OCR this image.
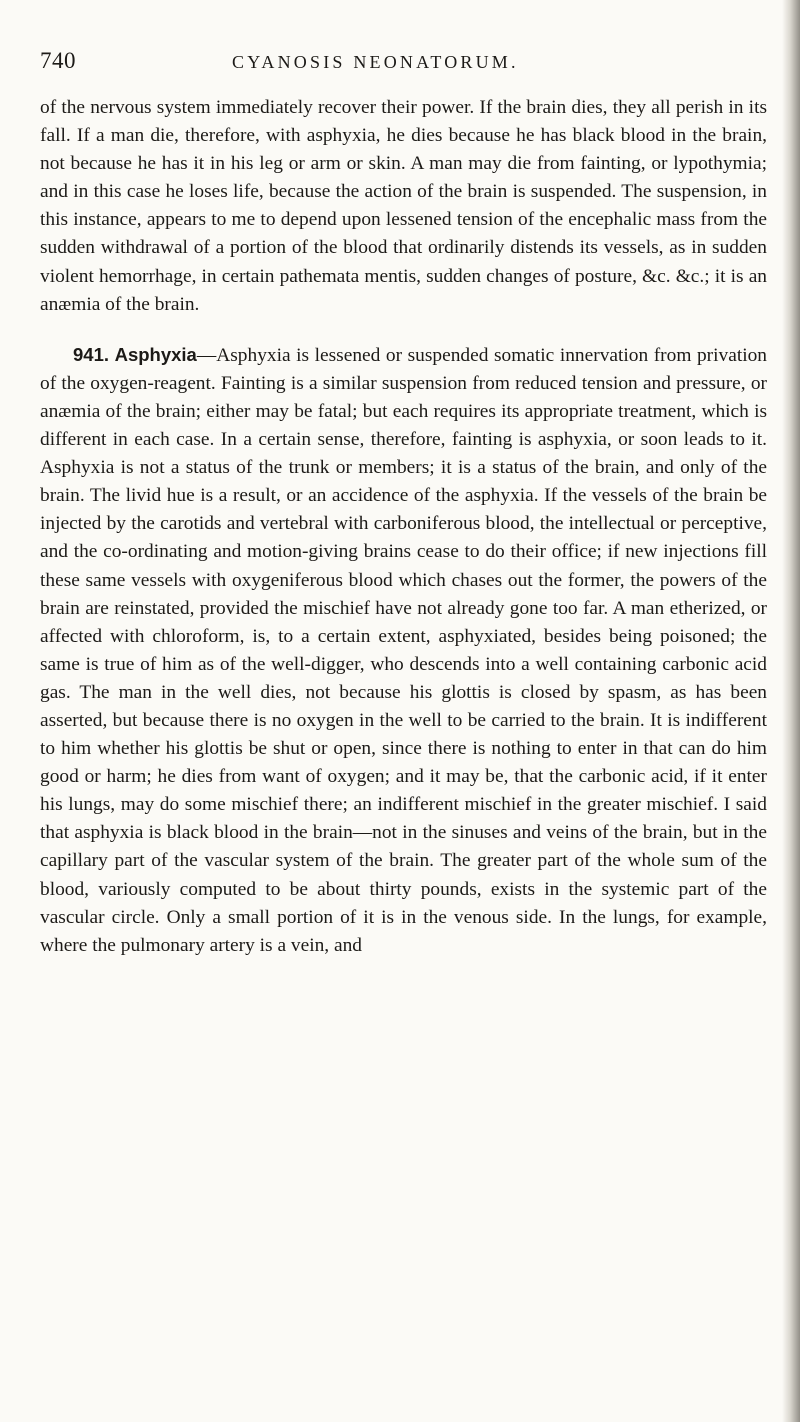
740	CYANOSIS NEONATORUM.

of the nervous system immediately recover their power. If the brain dies, they all perish in its fall. If a man die, therefore, with asphyxia, he dies because he has black blood in the brain, not because he has it in his leg or arm or skin. A man may die from fainting, or lypothymia; and in this case he loses life, because the action of the brain is suspended. The suspension, in this instance, appears to me to depend upon lessened tension of the encephalic mass from the sudden withdrawal of a portion of the blood that ordinarily distends its vessels, as in sudden violent hemorrhage, in certain pathemata mentis, sudden changes of posture, &c. &c.; it is an anæmia of the brain.

941. Asphyxia—Asphyxia is lessened or suspended somatic innervation from privation of the oxygen-reagent. Fainting is a similar suspension from reduced tension and pressure, or anæmia of the brain; either may be fatal; but each requires its appropriate treatment, which is different in each case. In a certain sense, therefore, fainting is asphyxia, or soon leads to it. Asphyxia is not a status of the trunk or members; it is a status of the brain, and only of the brain. The livid hue is a result, or an accidence of the asphyxia. If the vessels of the brain be injected by the carotids and vertebral with carboniferous blood, the intellectual or perceptive, and the co-ordinating and motion-giving brains cease to do their office; if new injections fill these same vessels with oxygeniferous blood which chases out the former, the powers of the brain are reinstated, provided the mischief have not already gone too far. A man etherized, or affected with chloroform, is, to a certain extent, asphyxiated, besides being poisoned; the same is true of him as of the well-digger, who descends into a well containing carbonic acid gas. The man in the well dies, not because his glottis is closed by spasm, as has been asserted, but because there is no oxygen in the well to be carried to the brain. It is indifferent to him whether his glottis be shut or open, since there is nothing to enter in that can do him good or harm; he dies from want of oxygen; and it may be, that the carbonic acid, if it enter his lungs, may do some mischief there; an indifferent mischief in the greater mischief. I said that asphyxia is black blood in the brain—not in the sinuses and veins of the brain, but in the capillary part of the vascular system of the brain. The greater part of the whole sum of the blood, variously computed to be about thirty pounds, exists in the systemic part of the vascular circle. Only a small portion of it is in the venous side. In the lungs, for example, where the pulmonary artery is a vein, and
